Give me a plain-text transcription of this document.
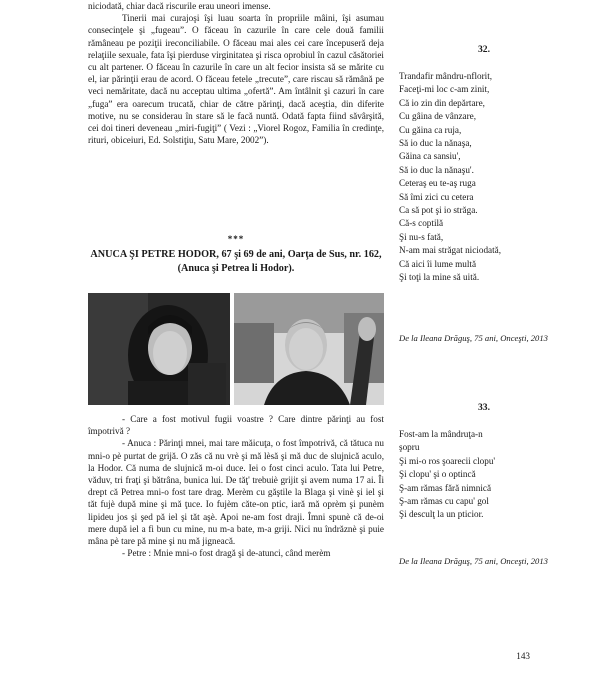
niciodată, chiar dacă riscurile erau uneori imense.

Tinerii mai curajoşi îşi luau soarta în propriile mâini, îşi asumau consecinţele şi „fugeau”. O făceau în cazurile în care cele două familii rămâneau pe poziţii ireconciliabile. O făceau mai ales cei care începuseră deja relaţiile sexuale, fata îşi pierduse virginitatea şi risca oprobiul în cazul căsătoriei cu alt partener. O făceau în cazurile în care un alt fecior insista să se mărite cu el, iar părinţii erau de acord. O făceau fetele „trecute”, care riscau să rămână pe veci nemăritate, dacă nu acceptau ultima „ofertă”. Am întâlnit şi cazuri în care „fuga” era oarecum trucată, chiar de către părinţi, dacă aceştia, din diferite motive, nu se considerau în stare să le facă nuntă. Odată fapta fiind săvârşită, cei doi tineri deveneau „miri-fugiţi” ( Vezi : „Viorel Rogoz, Familia în credinţe, rituri, obiceiuri, Ed. Solstiţiu, Satu Mare, 2002”).

***
ANUCA ŞI PETRE HODOR, 67 şi 69 de ani, Oarţa de Sus, nr. 162, (Anuca şi Petrea li Hodor).

- Care a fost motivul fugii voastre ? Care dintre părinţi au fost împotrivă ?

- Anuca : Părinţi mnei, mai tare măicuţa, o fost împotrivă, că tătuca nu mni-o pè purtat de grijă. O zăs că nu vrè şi mă lèsă şi mă duc de slujnică aculo, la Hodor. Că numa de slujnică m-oi duce. Iei o fost cinci aculo. Tata lui Petre, văduv, tri fraţi şi bătrâna, bunica lui. De tăţ' trebuiè grijit şi avem numa 17 ai. Îi drept că Petrea mni-o fost tare drag. Merèm cu găştile la Blaga şi vinè şi iel şi tăt fujè după mine şi mă ţuce. Io fujèm căte-on ptic, iară mă oprèm şi punèm lipideu jos şi şed pă iel şi tăt aşè. Apoi ne-am fost draji. Îmni spunè că de-oi mere după iel a fi bun cu mine, nu m-a bate, m-a griji. Nici nu îndrăznè şi puie mâna pè tare pă mine şi nu mă jigneacă.

- Petre : Mnie mni-o fost dragă şi de-atunci, când merèm

32.
Trandafir mândru-nflorit,
Faceţi-mi loc c-am zinit,
Că io zin din depărtare,
Cu gâina de vânzare,
Cu găina ca ruja,
Să io duc la nănaşa,
Găina ca sansiu',
Să io duc la nănaşu'.
Ceteraş eu te-aş ruga
Să îmi zici cu cetera
Ca să pot şi io străga.
Că-s coptilă
Şi nu-s fată,
N-am mai străgat niciodată,
Că aici îi lume multă
Şi toţi la mine să uită.
De la Ileana Drăguş, 75 ani, Onceşti, 2013
33.
Fost-am la mândruţa-n
şopru
Şi mi-o ros şoarecii clopu'
Şi clopu' şi o optincă
Ş-am rămas fără nimnică
Ş-am rămas cu capu' gol
Şi desculţ la un pticior.
De la Ileana Drăguş, 75 ani, Onceşti, 2013
143
